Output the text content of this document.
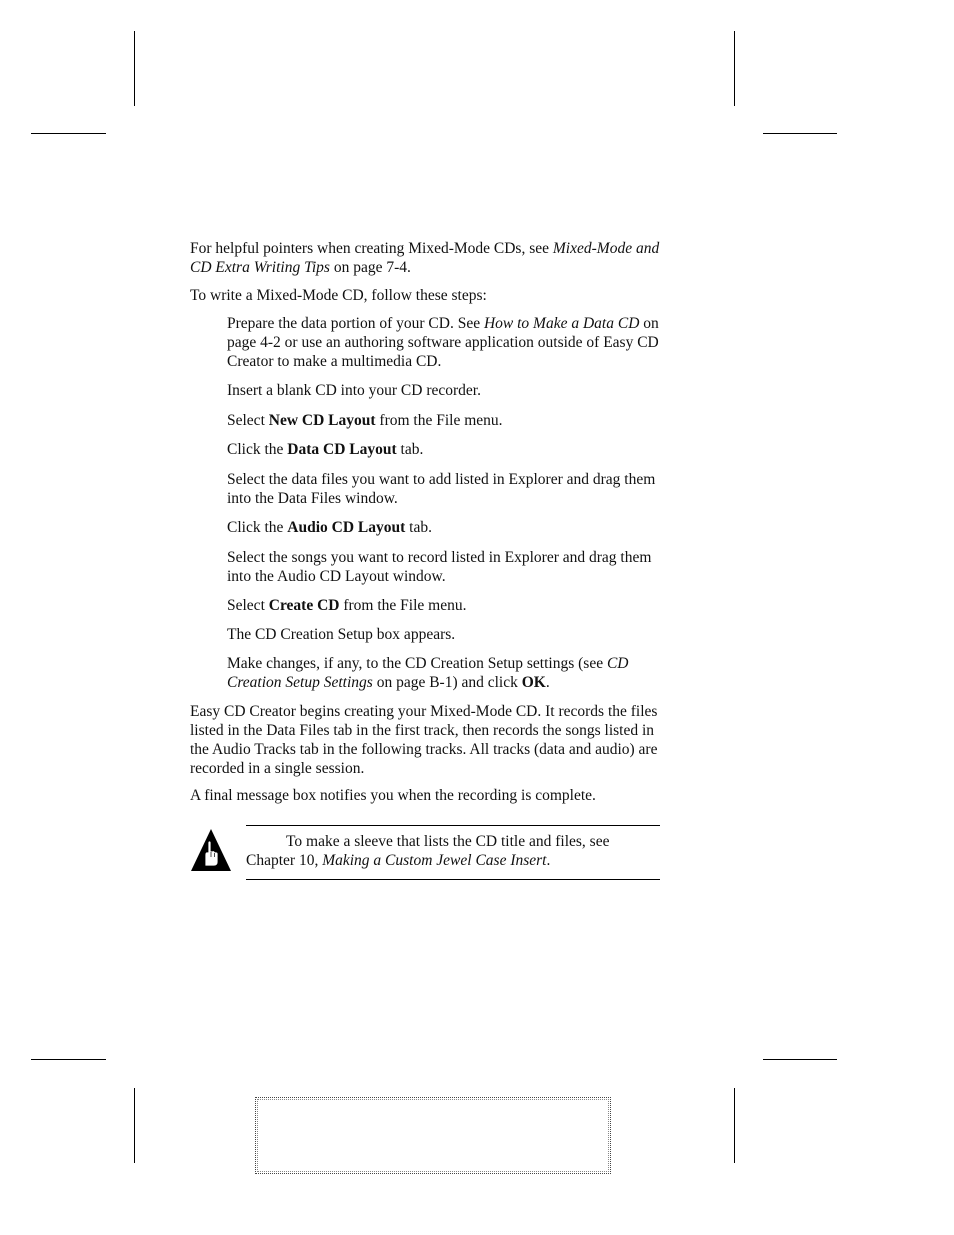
For helpful pointers when creating Mixed-Mode CDs, see Mixed-Mode and CD Extra Writing Tips on page 7-4.
To write a Mixed-Mode CD, follow these steps:
Prepare the data portion of your CD. See How to Make a Data CD on page 4-2 or use an authoring software application outside of Easy CD Creator to make a multimedia CD.
Insert a blank CD into your CD recorder.
Select New CD Layout from the File menu.
Click the Data CD Layout tab.
Select the data files you want to add listed in Explorer and drag them into the Data Files window.
Click the Audio CD Layout tab.
Select the songs you want to record listed in Explorer and drag them into the Audio CD Layout window.
Select Create CD from the File menu.
The CD Creation Setup box appears.
Make changes, if any, to the CD Creation Setup settings (see CD Creation Setup Settings on page B-1) and click OK.
Easy CD Creator begins creating your Mixed-Mode CD. It records the files listed in the Data Files tab in the first track, then records the songs listed in the Audio Tracks tab in the following tracks. All tracks (data and audio) are recorded in a single session.
A final message box notifies you when the recording is complete.
To make a sleeve that lists the CD title and files, see Chapter 10, Making a Custom Jewel Case Insert.
